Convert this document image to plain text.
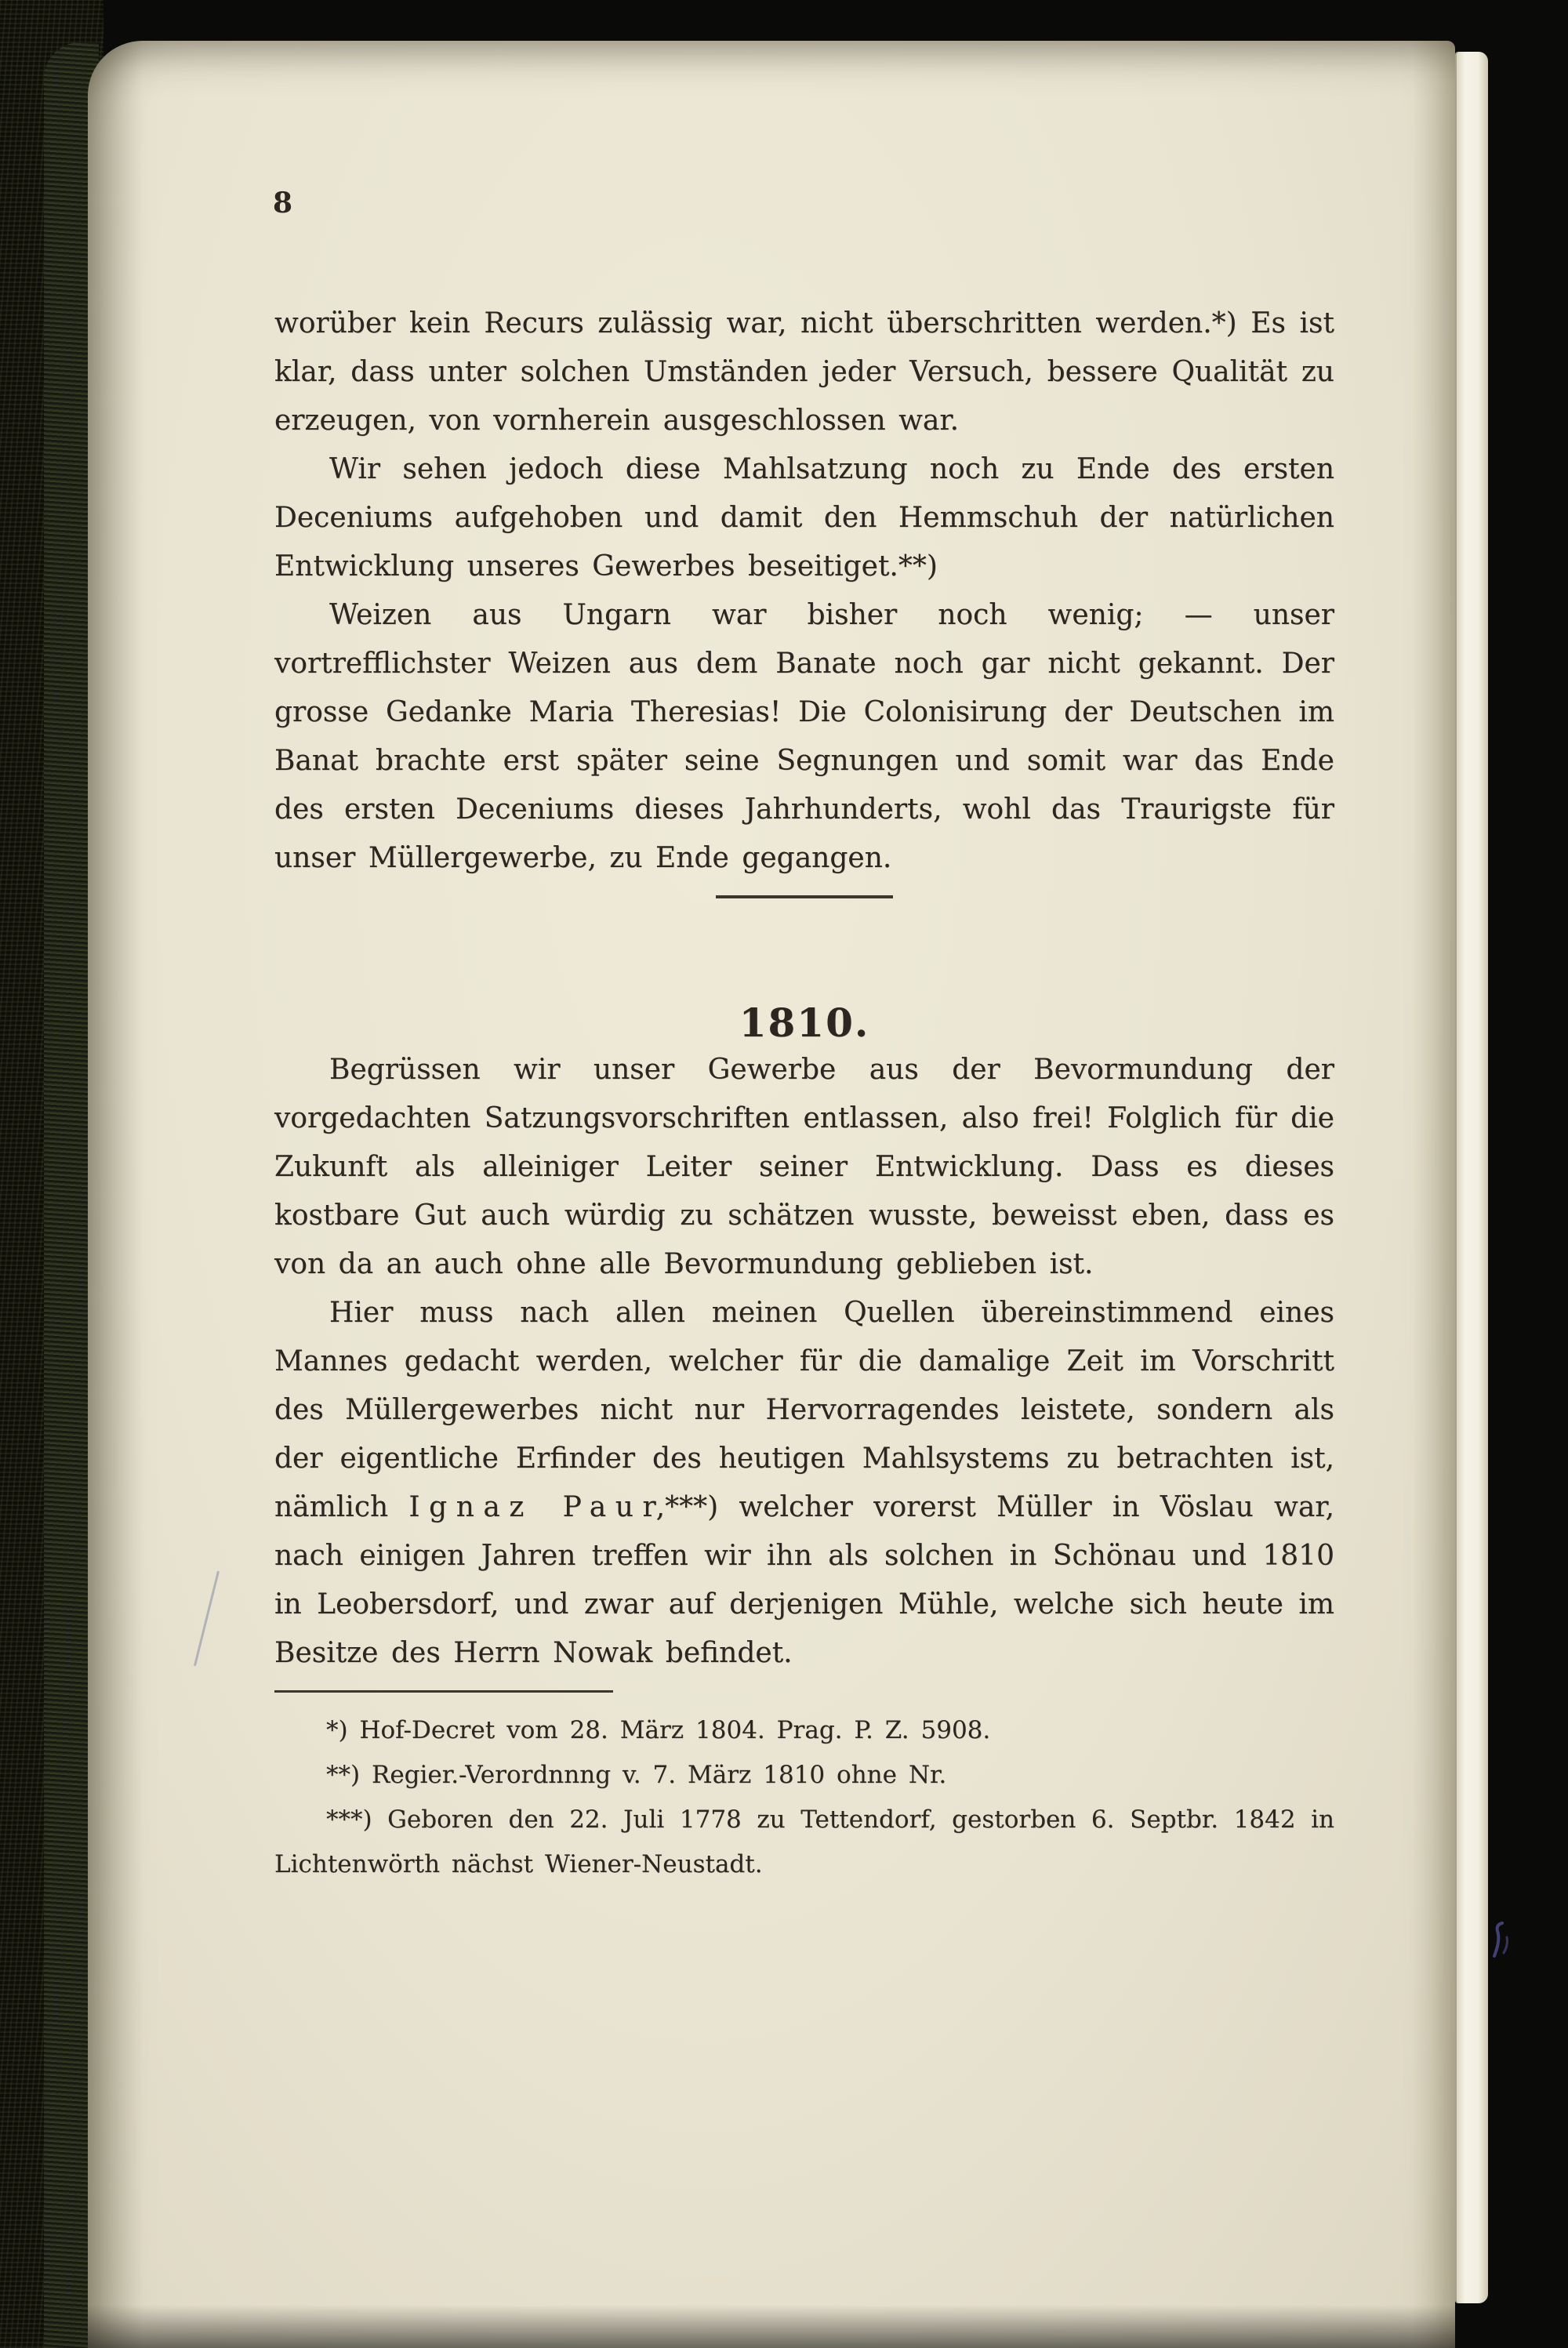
8

worüber kein Recurs zulässig war, nicht überschritten werden.*) Es ist klar, dass unter solchen Umständen jeder Versuch, bessere Qualität zu erzeugen, von vornherein ausgeschlossen war.

Wir sehen jedoch diese Mahlsatzung noch zu Ende des ersten Deceniums aufgehoben und damit den Hemmschuh der natürlichen Entwicklung unseres Gewerbes beseitiget.**)

Weizen aus Ungarn war bisher noch wenig; — unser vortrefflichster Weizen aus dem Banate noch gar nicht gekannt. Der grosse Gedanke Maria Theresias! Die Colonisirung der Deutschen im Banat brachte erst später seine Segnungen und somit war das Ende des ersten Deceniums dieses Jahrhunderts, wohl das Traurigste für unser Müllergewerbe, zu Ende gegangen.

1810.

Begrüssen wir unser Gewerbe aus der Bevormundung der vorgedachten Satzungsvorschriften entlassen, also frei! Folglich für die Zukunft als alleiniger Leiter seiner Entwicklung. Dass es dieses kostbare Gut auch würdig zu schätzen wusste, beweisst eben, dass es von da an auch ohne alle Bevormundung geblieben ist.

Hier muss nach allen meinen Quellen übereinstimmend eines Mannes gedacht werden, welcher für die damalige Zeit im Vorschritt des Müllergewerbes nicht nur Hervorragendes leistete, sondern als der eigentliche Erfinder des heutigen Mahlsystems zu betrachten ist, nämlich Ignaz Paur,***) welcher vorerst Müller in Vöslau war, nach einigen Jahren treffen wir ihn als solchen in Schönau und 1810 in Leobersdorf, und zwar auf derjenigen Mühle, welche sich heute im Besitze des Herrn Nowak befindet.

*) Hof-Decret vom 28. März 1804. Prag. P. Z. 5908.

**) Regier.-Verordnnng v. 7. März 1810 ohne Nr.

***) Geboren den 22. Juli 1778 zu Tettendorf, gestorben 6. Septbr. 1842 in Lichtenwörth nächst Wiener-Neustadt.
